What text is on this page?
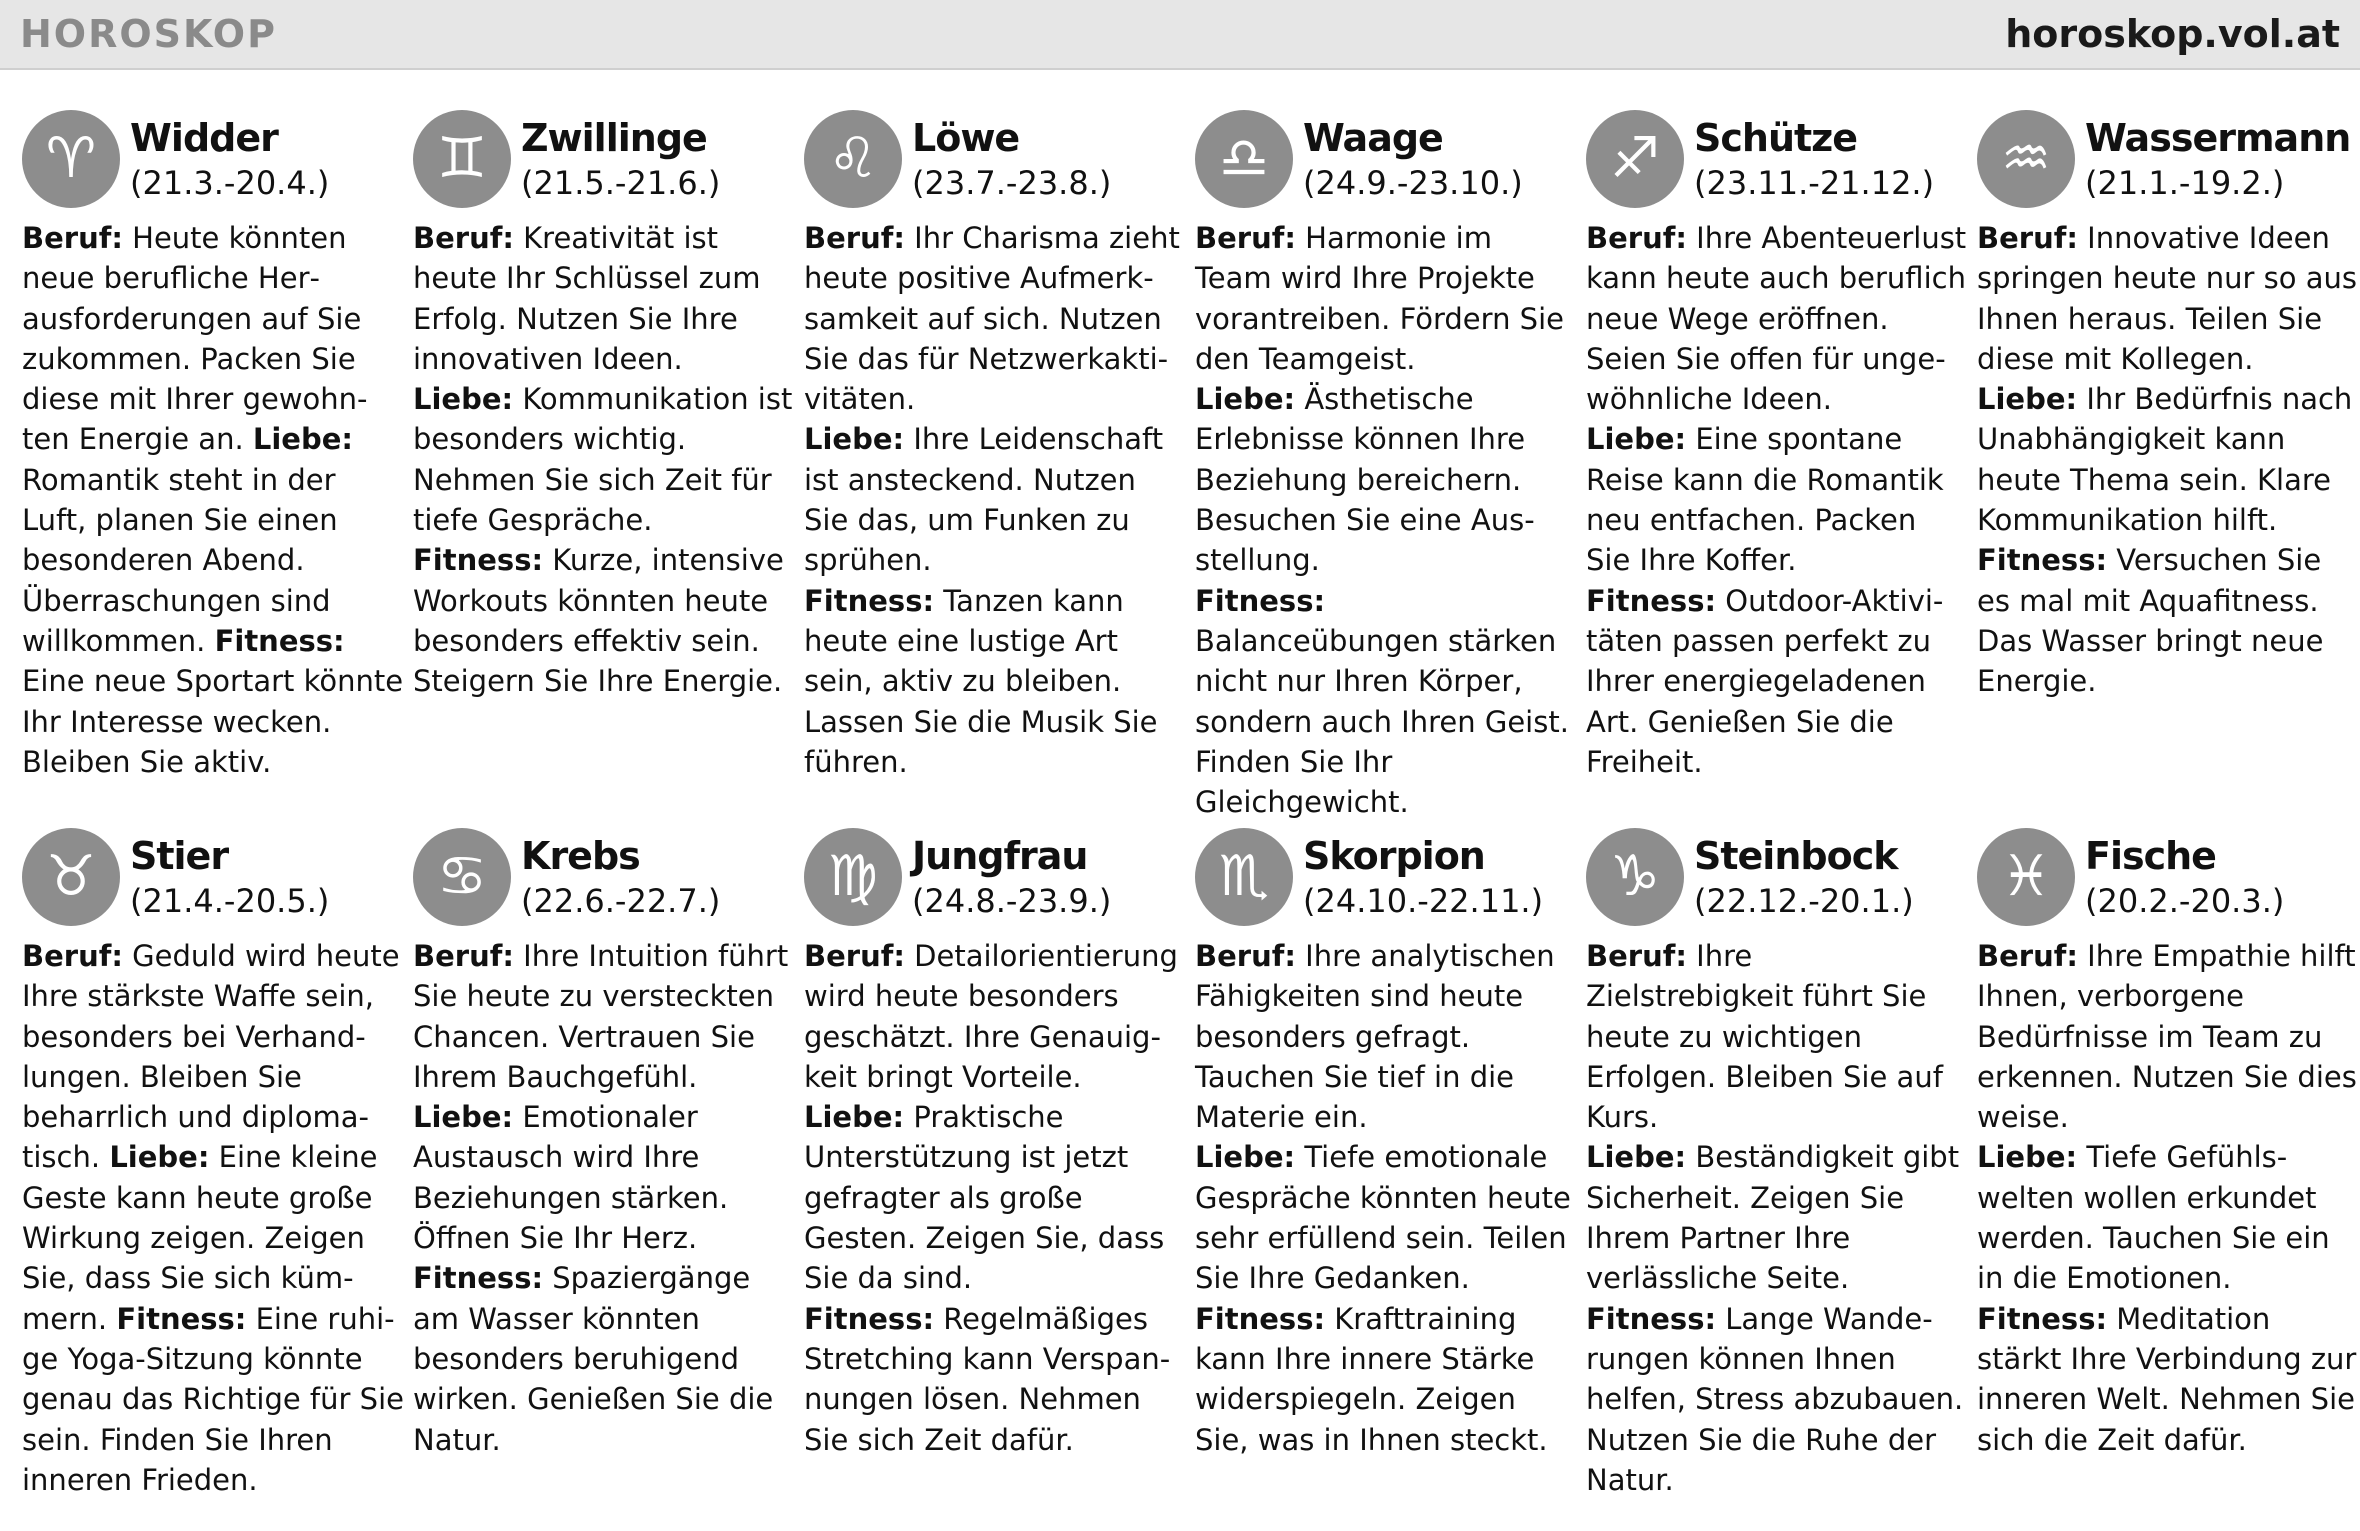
HOROSKOP	horoskop.vol.at
♈ Widder
(21.3.-20.4.)
Beruf: Heute könnten neue berufliche Herausforderungen auf Sie zukommen. Packen Sie diese mit Ihrer gewohnten Energie an. Liebe: Romantik steht in der Luft, planen Sie einen besonderen Abend. Überraschungen sind willkommen. Fitness: Eine neue Sportart könnte Ihr Interesse wecken. Bleiben Sie aktiv.
♊ Zwillinge
(21.5.-21.6.)
Beruf: Kreativität ist heute Ihr Schlüssel zum Erfolg. Nutzen Sie Ihre innovativen Ideen.
Liebe: Kommunikation ist besonders wichtig. Nehmen Sie sich Zeit für tiefe Gespräche.
Fitness: Kurze, intensive Workouts könnten heute besonders effektiv sein. Steigern Sie Ihre Energie.
♌ Löwe
(23.7.-23.8.)
Beruf: Ihr Charisma zieht heute positive Aufmerksamkeit auf sich. Nutzen Sie das für Netzwerkaktivitäten.
Liebe: Ihre Leidenschaft ist ansteckend. Nutzen Sie das, um Funken zu sprühen.
Fitness: Tanzen kann heute eine lustige Art sein, aktiv zu bleiben. Lassen Sie die Musik Sie führen.
♎ Waage
(24.9.-23.10.)
Beruf: Harmonie im Team wird Ihre Projekte vorantreiben. Fördern Sie den Teamgeist.
Liebe: Ästhetische Erlebnisse können Ihre Beziehung bereichern. Besuchen Sie eine Ausstellung.
Fitness: Balanceübungen stärken nicht nur Ihren Körper, sondern auch Ihren Geist. Finden Sie Ihr Gleichgewicht.
♐ Schütze
(23.11.-21.12.)
Beruf: Ihre Abenteuerlust kann heute auch beruflich neue Wege eröffnen. Seien Sie offen für ungewöhnliche Ideen.
Liebe: Eine spontane Reise kann die Romantik neu entfachen. Packen Sie Ihre Koffer.
Fitness: Outdoor-Aktivitäten passen perfekt zu Ihrer energiegeladenen Art. Genießen Sie die Freiheit.
♒ Wassermann
(21.1.-19.2.)
Beruf: Innovative Ideen springen heute nur so aus Ihnen heraus. Teilen Sie diese mit Kollegen.
Liebe: Ihr Bedürfnis nach Unabhängigkeit kann heute Thema sein. Klare Kommunikation hilft.
Fitness: Versuchen Sie es mal mit Aquafitness. Das Wasser bringt neue Energie.
♉ Stier
(21.4.-20.5.)
Beruf: Geduld wird heute Ihre stärkste Waffe sein, besonders bei Verhandlungen. Bleiben Sie beharrlich und diplomatisch. Liebe: Eine kleine Geste kann heute große Wirkung zeigen. Zeigen Sie, dass Sie sich kümmern. Fitness: Eine ruhige Yoga-Sitzung könnte genau das Richtige für Sie sein. Finden Sie Ihren inneren Frieden.
♋ Krebs
(22.6.-22.7.)
Beruf: Ihre Intuition führt Sie heute zu versteckten Chancen. Vertrauen Sie Ihrem Bauchgefühl.
Liebe: Emotionaler Austausch wird Ihre Beziehungen stärken. Öffnen Sie Ihr Herz.
Fitness: Spaziergänge am Wasser könnten besonders beruhigend wirken. Genießen Sie die Natur.
♍ Jungfrau
(24.8.-23.9.)
Beruf: Detailorientierung wird heute besonders geschätzt. Ihre Genauigkeit bringt Vorteile.
Liebe: Praktische Unterstützung ist jetzt gefragter als große Gesten. Zeigen Sie, dass Sie da sind.
Fitness: Regelmäßiges Stretching kann Verspannungen lösen. Nehmen Sie sich Zeit dafür.
♏ Skorpion
(24.10.-22.11.)
Beruf: Ihre analytischen Fähigkeiten sind heute besonders gefragt. Tauchen Sie tief in die Materie ein.
Liebe: Tiefe emotionale Gespräche könnten heute sehr erfüllend sein. Teilen Sie Ihre Gedanken.
Fitness: Krafttraining kann Ihre innere Stärke widerspiegeln. Zeigen Sie, was in Ihnen steckt.
♑ Steinbock
(22.12.-20.1.)
Beruf: Ihre Zielstrebigkeit führt Sie heute zu wichtigen Erfolgen. Bleiben Sie auf Kurs.
Liebe: Beständigkeit gibt Sicherheit. Zeigen Sie Ihrem Partner Ihre verlässliche Seite.
Fitness: Lange Wanderungen können Ihnen helfen, Stress abzubauen. Nutzen Sie die Ruhe der Natur.
♓ Fische
(20.2.-20.3.)
Beruf: Ihre Empathie hilft Ihnen, verborgene Bedürfnisse im Team zu erkennen. Nutzen Sie dies weise.
Liebe: Tiefe Gefühlswelten wollen erkundet werden. Tauchen Sie ein in die Emotionen.
Fitness: Meditation stärkt Ihre Verbindung zur inneren Welt. Nehmen Sie sich die Zeit dafür.
